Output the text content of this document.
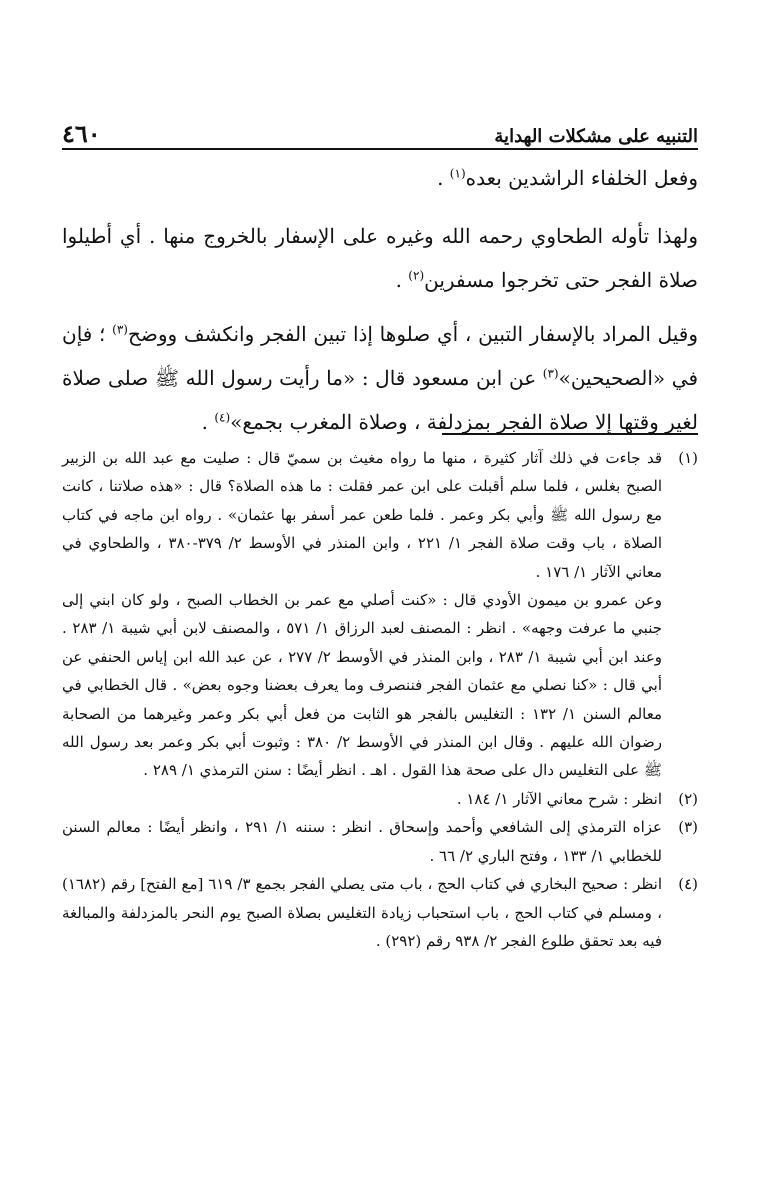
التنبيه على مشكلات الهداية
٤٦٠

وفعل الخلفاء الراشدين بعده$^{(١)}$ .

ولهذا تأوله الطحاوي رحمه الله وغيره على الإسفار بالخروج منها . أي أطيلوا صلاة الفجر حتى تخرجوا مسفرين$^{(٢)}$ .

وقيل المراد بالإسفار التبين ، أي صلوها إذا تبين الفجر وانكشف ووضح$^{(٣)}$ ؛ فإن في «الصحيحين»$^{(٣)}$ عن ابن مسعود قال : «ما رأيت رسول الله ﷺ صلى صلاة لغير وقتها إلا صلاة الفجر بمزدلفة ، وصلاة المغرب بجمع»$^{(٤)}$ .

(١)

قد جاءت في ذلك آثار كثيرة ، منها ما رواه مغيث بن سميّ قال : صليت مع عبد الله بن الزبير الصبح بغلس ، فلما سلم أقبلت على ابن عمر فقلت : ما هذه الصلاة؟ قال : «هذه صلاتنا ، كانت مع رسول الله ﷺ وأبي بكر وعمر . فلما طعن عمر أسفر بها عثمان» . رواه ابن ماجه في كتاب الصلاة ، باب وقت صلاة الفجر ١/ ٢٢١ ، وابن المنذر في الأوسط ٢/ ٣٧٩-٣٨٠ ، والطحاوي في معاني الآثار ١/ ١٧٦ .

وعن عمرو بن ميمون الأودي قال : «كنت أصلي مع عمر بن الخطاب الصبح ، ولو كان ابني إلى جنبي ما عرفت وجهه» . انظر : المصنف لعبد الرزاق ١/ ٥٧١ ، والمصنف لابن أبي شيبة ١/ ٢٨٣ . وعند ابن أبي شيبة ١/ ٢٨٣ ، وابن المنذر في الأوسط ٢/ ٢٧٧ ، عن عبد الله ابن إياس الحنفي عن أبي قال : «كنا نصلي مع عثمان الفجر فننصرف وما يعرف بعضنا وجوه بعض» . قال الخطابي في معالم السنن ١/ ١٣٢ : التغليس بالفجر هو الثابت من فعل أبي بكر وعمر وغيرهما من الصحابة رضوان الله عليهم . وقال ابن المنذر في الأوسط ٢/ ٣٨٠ : وثبوت أبي بكر وعمر بعد رسول الله ﷺ على التغليس دال على صحة هذا القول . اهـ . انظر أيضًا : سنن الترمذي ١/ ٢٨٩ .

(٢)

انظر : شرح معاني الآثار ١/ ١٨٤ .

(٣)

عزاه الترمذي إلى الشافعي وأحمد وإسحاق . انظر : سننه ١/ ٢٩١ ، وانظر أيضًا : معالم السنن للخطابي ١/ ١٣٣ ، وفتح الباري ٢/ ٦٦ .

(٤)

انظر : صحيح البخاري في كتاب الحج ، باب متى يصلي الفجر بجمع ٣/ ٦١٩ [مع الفتح] رقم (١٦٨٢) ، ومسلم في كتاب الحج ، باب استحباب زيادة التغليس بصلاة الصبح يوم النحر بالمزدلفة والمبالغة فيه بعد تحقق طلوع الفجر ٢/ ٩٣٨ رقم (٢٩٢) .
